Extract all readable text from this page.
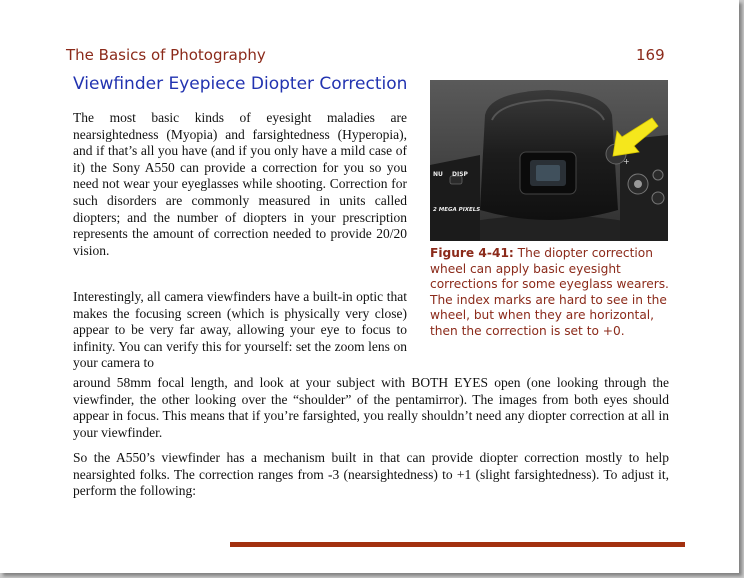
The Basics of Photography	169
Viewfinder Eyepiece Diopter Correction
+
NU DISP
2 MEGA PIXELS

Figure 4-41: The diopter correction wheel can apply basic eyesight corrections for some eyeglass wearers. The index marks are hard to see in the wheel, but when they are horizontal, then the correction is set to +0.

The most basic kinds of eyesight maladies are nearsightedness (Myopia) and farsightedness (Hyperopia), and if that’s all you have (and if you only have a mild case of it) the Sony A550 can provide a correction for you so you need not wear your eyeglasses while shooting. Correction for such disorders are commonly measured in units called diopters; and the number of diopters in your prescription represents the amount of correction needed to provide 20/20 vision.

Interestingly, all camera viewfinders have a built-in optic that makes the focusing screen (which is physically very close) appear to be very far away, allowing your eye to focus to infinity. You can verify this for yourself: set the zoom lens on your camera to

around 58mm focal length, and look at your subject with BOTH EYES open (one looking through the viewfinder, the other looking over the “shoulder” of the pentamirror). The images from both eyes should appear in focus. This means that if you’re farsighted, you really shouldn’t need any diopter correction at all in your viewfinder.

So the A550’s viewfinder has a mechanism built in that can provide diopter correction mostly to help nearsighted folks. The correction ranges from -3 (nearsightedness) to +1 (slight farsightedness). To adjust it, perform the following:
